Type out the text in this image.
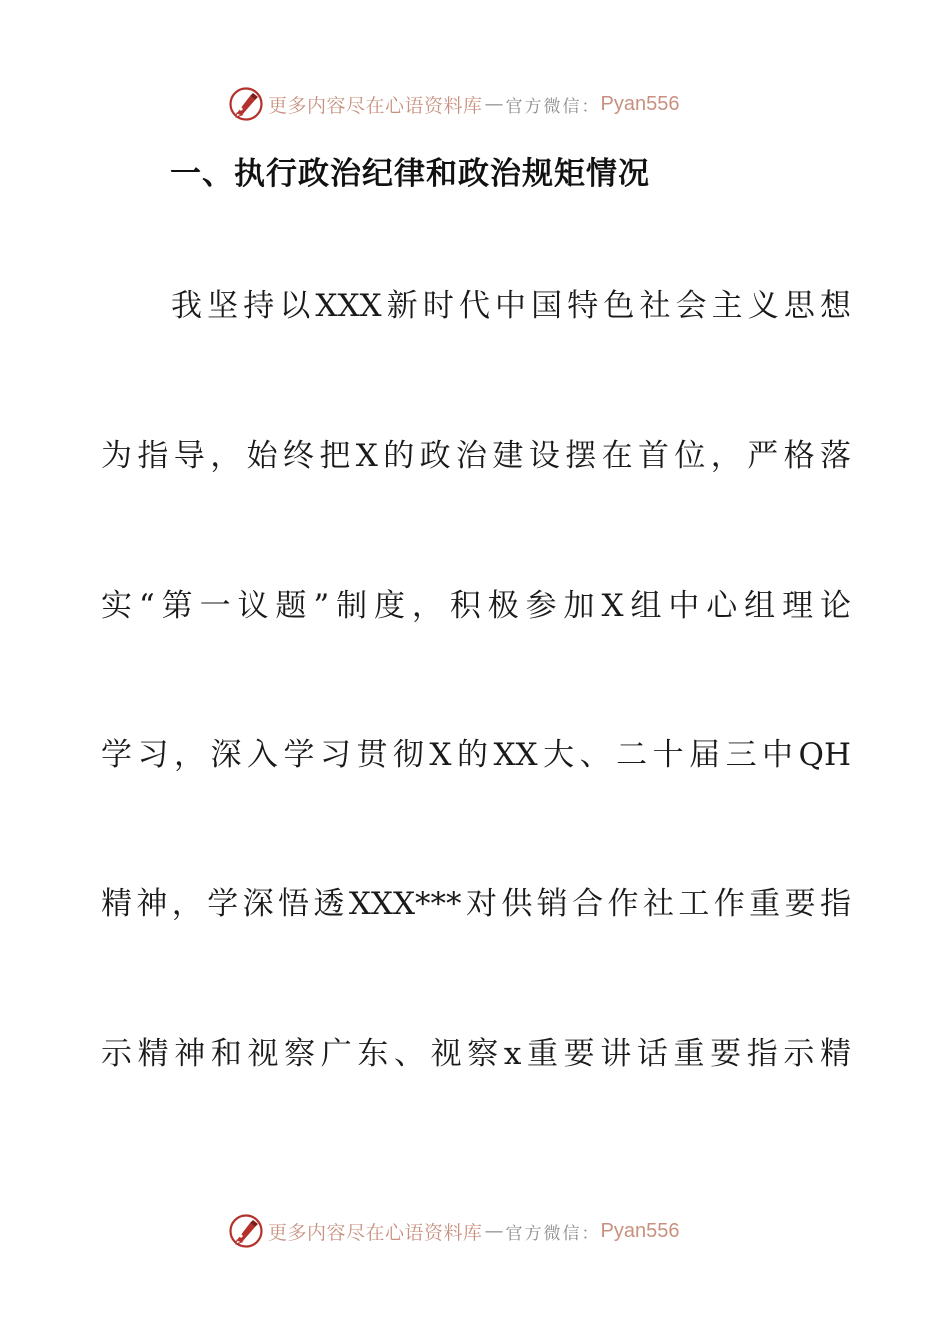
更多内容尽在心语资料库 — 官方微信： Pyan556
一、执行政治纪律和政治规矩情况
我坚持以XXX新时代中国特色社会主义思想
为指导，始终把X的政治建设摆在首位，严格落
实“第一议题”制度，积极参加X组中心组理论
学习，深入学习贯彻X的XX大、二十届三中QH
精神，学深悟透XXX***对供销合作社工作重要指
示精神和视察广东、视察x重要讲话重要指示精
更多内容尽在心语资料库 — 官方微信： Pyan556
